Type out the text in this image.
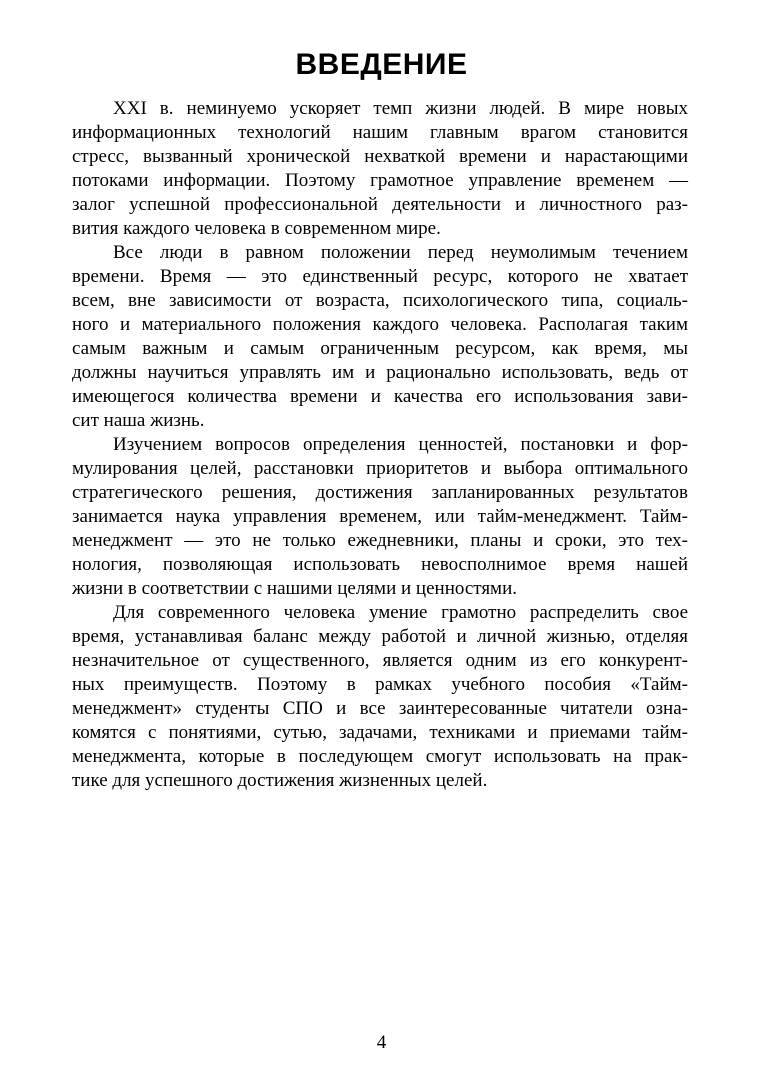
ВВЕДЕНИЕ
XXI в. неминуемо ускоряет темп жизни людей. В мире новых
информационных технологий нашим главным врагом становится
стресс, вызванный хронической нехваткой времени и нарастающими
потоками информации. Поэтому грамотное управление временем —
залог успешной профессиональной деятельности и личностного раз-
вития каждого человека в современном мире.
Все люди в равном положении перед неумолимым течением
времени. Время — это единственный ресурс, которого не хватает
всем, вне зависимости от возраста, психологического типа, социаль-
ного и материального положения каждого человека. Располагая таким
самым важным и самым ограниченным ресурсом, как время, мы
должны научиться управлять им и рационально использовать, ведь от
имеющегося количества времени и качества его использования зави-
сит наша жизнь.
Изучением вопросов определения ценностей, постановки и фор-
мулирования целей, расстановки приоритетов и выбора оптимального
стратегического решения, достижения запланированных результатов
занимается наука управления временем, или тайм-менеджмент. Тайм-
менеджмент — это не только ежедневники, планы и сроки, это тех-
нология, позволяющая использовать невосполнимое время нашей
жизни в соответствии с нашими целями и ценностями.
Для современного человека умение грамотно распределить свое
время, устанавливая баланс между работой и личной жизнью, отделяя
незначительное от существенного, является одним из его конкурент-
ных преимуществ. Поэтому в рамках учебного пособия «Тайм-
менеджмент» студенты СПО и все заинтересованные читатели озна-
комятся с понятиями, сутью, задачами, техниками и приемами тайм-
менеджмента, которые в последующем смогут использовать на прак-
тике для успешного достижения жизненных целей.
4
